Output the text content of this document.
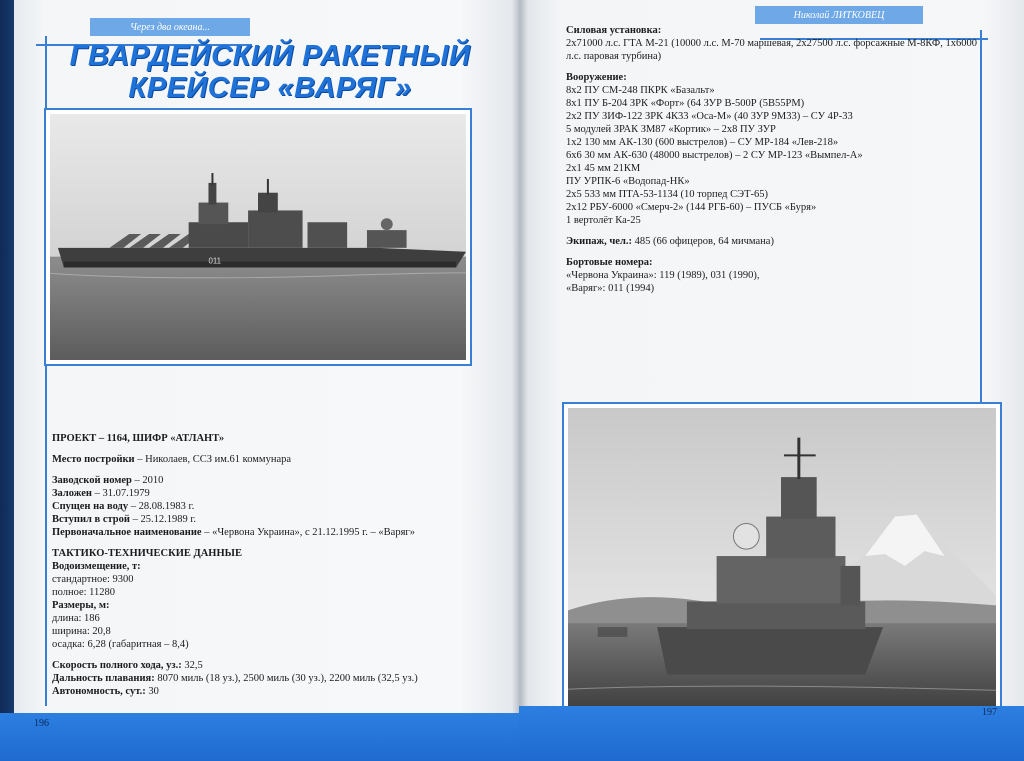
Через два океана...
ГВАРДЕЙСКИЙ РАКЕТНЫЙ
КРЕЙСЕР «ВАРЯГ»
011
ПРОЕКТ – 1164, ШИФР «АТЛАНТ»
Место постройки – Николаев, ССЗ им.61 коммунара
Заводской номер – 2010
Заложен – 31.07.1979
Спущен на воду – 28.08.1983 г.
Вступил в строй – 25.12.1989 г.
Первоначальное наименование – «Червона Украина», с 21.12.1995 г. – «Варяг»
ТАКТИКО-ТЕХНИЧЕСКИЕ ДАННЫЕ
Водоизмещение, т:
стандартное: 9300
полное: 11280
Размеры, м:
длина: 186
ширина: 20,8
осадка: 6,28 (габаритная – 8,4)
Скорость полного хода, уз.: 32,5
Дальность плавания: 8070 миль (18 уз.), 2500 миль (30 уз.), 2200 миль (32,5 уз.)
Автономность, сут.: 30
196
Николай ЛИТКОВЕЦ
Силовая установка:
2х71000 л.с. ГТА М-21 (10000 л.с. М-70 маршевая, 2х27500 л.с. форсажные М-8КФ, 1х6000
л.с. паровая турбина)
Вооружение:
8х2 ПУ СМ-248 ПКРК «Базальт»
8х1 ПУ Б-204 ЗРК «Форт» (64 ЗУР В-500Р (5В55РМ)
2х2 ПУ ЗИФ-122 ЗРК 4К33 «Оса-М» (40 ЗУР 9М33) – СУ 4Р-33
5 модулей ЗРАК ЗМ87 «Кортик» – 2х8 ПУ ЗУР
1х2 130 мм АК-130 (600 выстрелов) – СУ МР-184 «Лев-218»
6х6 30 мм АК-630 (48000 выстрелов) – 2 СУ МР-123 «Вымпел-А»
2х1 45 мм 21КМ
ПУ УРПК-6 «Водопад-НК»
2х5 533 мм ПТА-53-1134 (10 торпед СЭТ-65)
2х12 РБУ-6000 «Смерч-2» (144 РГБ-60) – ПУСБ «Буря»
1 вертолёт Ка-25
Экипаж, чел.: 485 (66 офицеров, 64 мичмана)
Бортовые номера:
«Червона Украина»: 119 (1989), 031 (1990),
«Варяг»: 011 (1994)
197
